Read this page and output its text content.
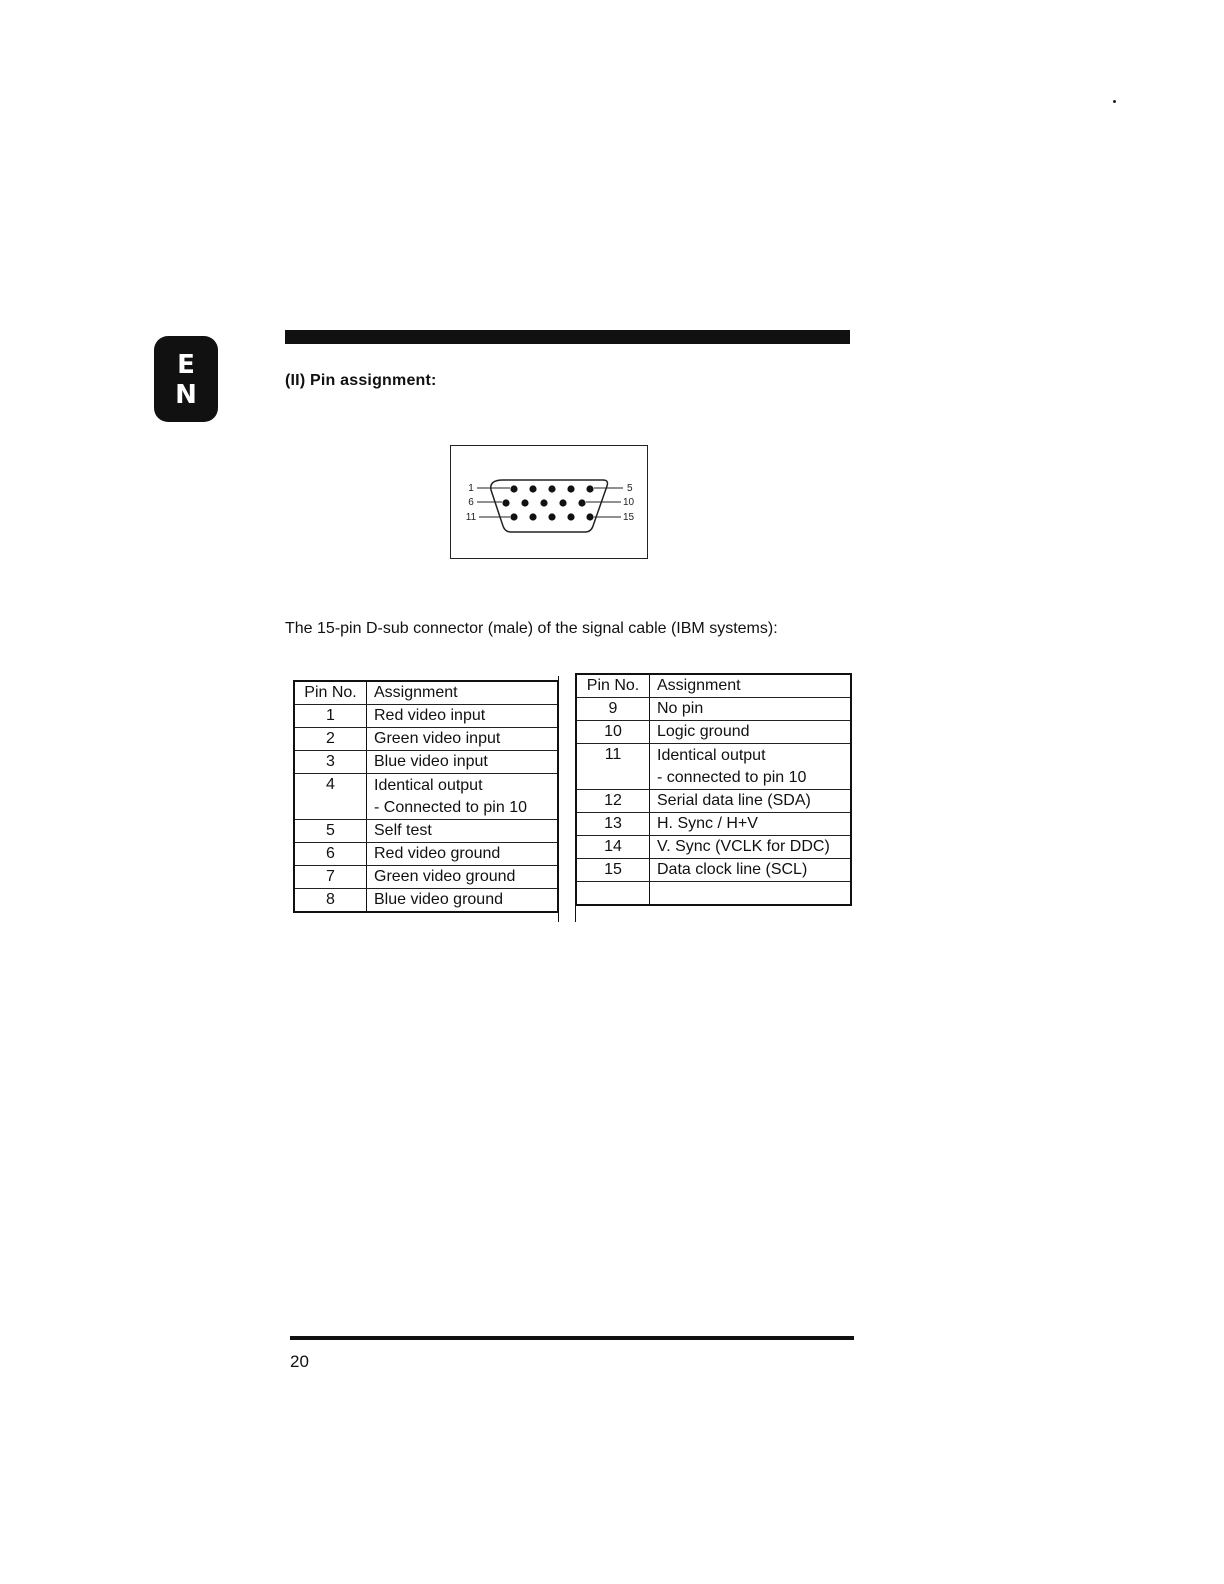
E
N	(II) Pin assignment:
1	5
6	10
11	15
The 15-pin D-sub connector (male) of the signal cable (IBM systems):
Pin No.	Assignment
1	Red video input
2	Green video input
3	Blue video input
4	Identical output
- Connected to pin 10

5	Self test
6	Red video ground
7	Green video ground
8	Blue video ground
Pin No.	Assignment
9	No pin
10	Logic ground
11	Identical output
- connected to pin 10

12	Serial data line (SDA)
13	H. Sync / H+V
14	V. Sync (VCLK for DDC)
15	Data clock line (SCL)

20
